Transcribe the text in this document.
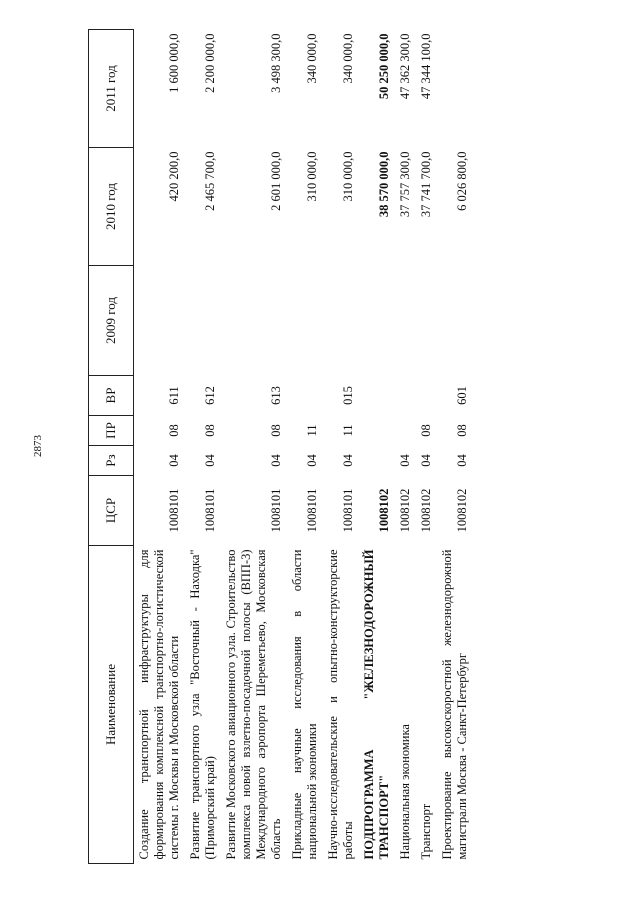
2873
Наименование	ЦСР	Рз	ПР	ВР	2009 год	2010 год	2011 год
Создание транспортной инфраструктуры для формирования комплексной транспортно-логистической системы г. Москвы и Московской области	1008101	04	08	611		420 200,0	1 600 000,0
Развитие транспортного узла "Восточный - Находка" (Приморский край)	1008101	04	08	612		2 465 700,0	2 200 000,0
Развитие Московского авиационного узла. Строительство комплекса новой взлетно-посадочной полосы (ВПП-3) Международного аэропорта Шереметьево, Московская область	1008101	04	08	613		2 601 000,0	3 498 300,0
Прикладные научные исследования в области национальной экономики	1008101	04	11			310 000,0	340 000,0
Научно-исследовательские и опытно-конструкторские работы	1008101	04	11	015		310 000,0	340 000,0
ПОДПРОГРАММА "ЖЕЛЕЗНОДОРОЖНЫЙ ТРАНСПОРТ"	1008102					38 570 000,0	50 250 000,0
Национальная экономика	1008102	04				37 757 300,0	47 362 300,0
Транспорт	1008102	04	08			37 741 700,0	47 344 100,0
Проектирование высокоскоростной железнодорожной магистрали Москва - Санкт-Петербург	1008102	04	08	601		6 026 800,0	
